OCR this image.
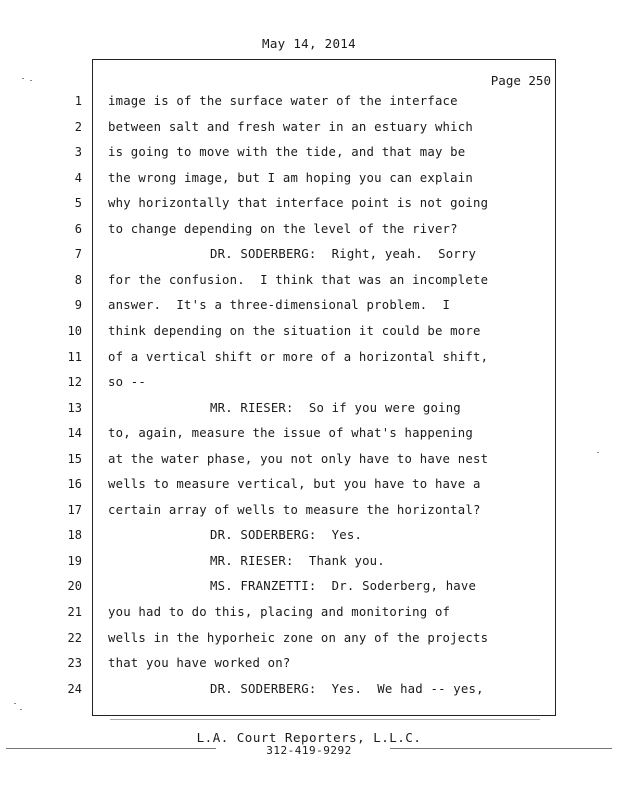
May 14, 2014
Page 250
1 image is of the surface water of the interface
2 between salt and fresh water in an estuary which
3 is going to move with the tide, and that may be
4 the wrong image, but I am hoping you can explain
5 why horizontally that interface point is not going
6 to change depending on the level of the river?
7	DR. SODERBERG:  Right, yeah.  Sorry
8 for the confusion.  I think that was an incomplete
9 answer.  It's a three-dimensional problem.  I
10 think depending on the situation it could be more
11 of a vertical shift or more of a horizontal shift,
12 so --
13	MR. RIESER:  So if you were going
14 to, again, measure the issue of what's happening
15 at the water phase, you not only have to have nest
16 wells to measure vertical, but you have to have a
17 certain array of wells to measure the horizontal?
18	DR. SODERBERG:  Yes.
19	MR. RIESER:  Thank you.
20	MS. FRANZETTI:  Dr. Soderberg, have
21 you had to do this, placing and monitoring of
22 wells in the hyporheic zone on any of the projects
23 that you have worked on?
24	DR. SODERBERG:  Yes.  We had -- yes,
L.A. Court Reporters, L.L.C.
312-419-9292
